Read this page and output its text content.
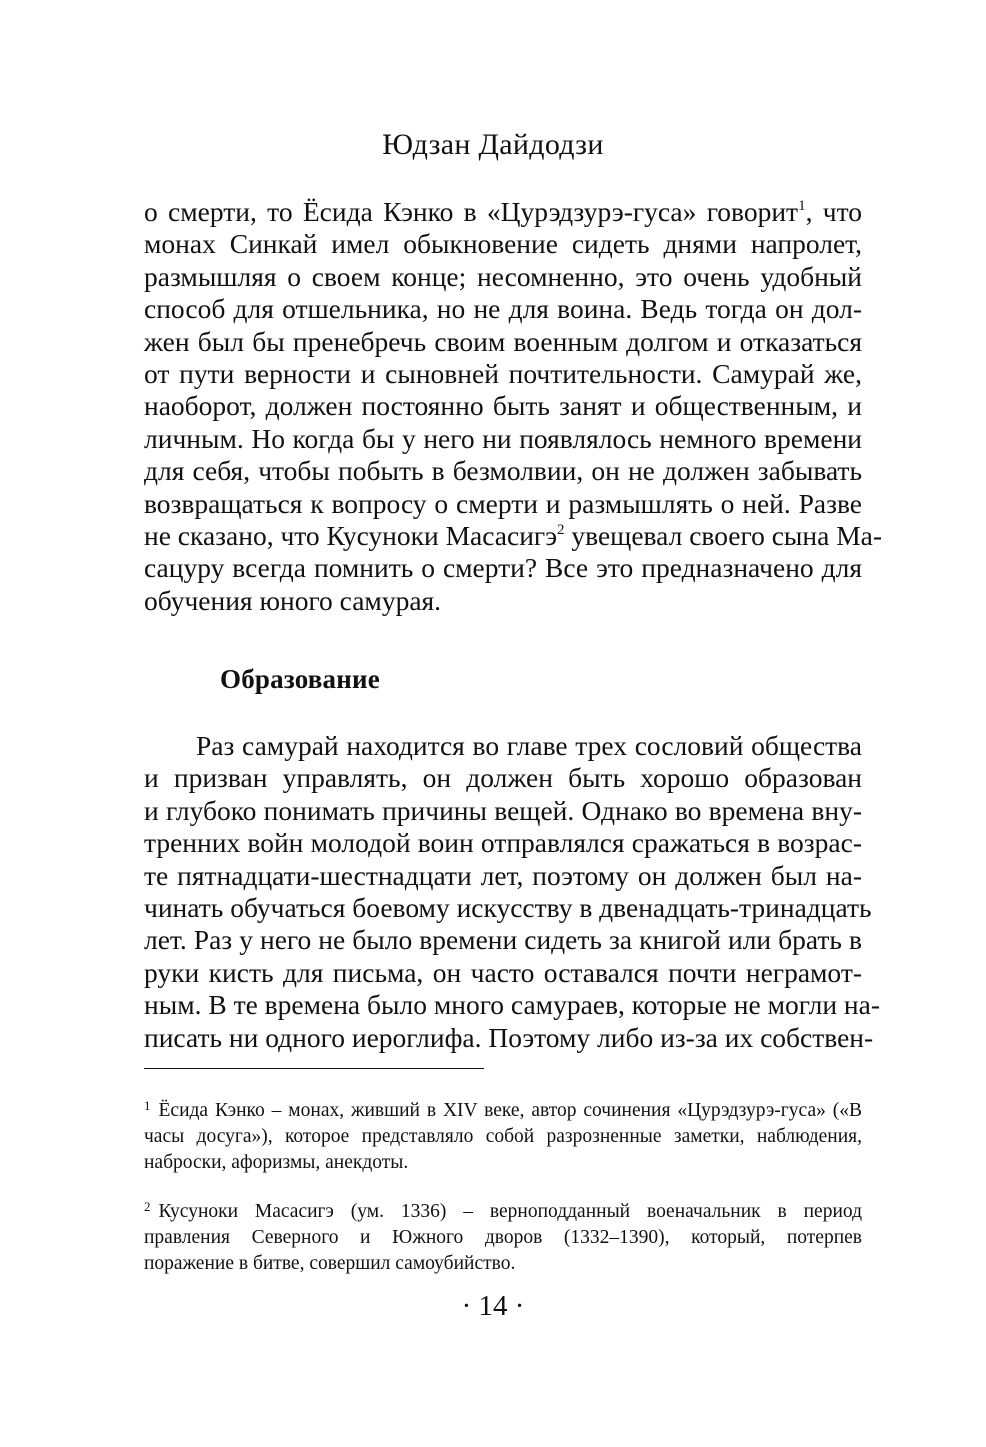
Юдзан Дайдодзи
о смерти, то Ёсида Кэнко в «Цурэдзурэ-гуса» говорит$^1$, что
монах Синкай имел обыкновение сидеть днями напролет,
размышляя о своем конце; несомненно, это очень удобный
способ для отшельника, но не для воина. Ведь тогда он дол-
жен был бы пренебречь своим военным долгом и отказаться
от пути верности и сыновней почтительности. Самурай же,
наоборот, должен постоянно быть занят и общественным, и
личным. Но когда бы у него ни появлялось немного времени
для себя, чтобы побыть в безмолвии, он не должен забывать
возвращаться к вопросу о смерти и размышлять о ней. Разве
не сказано, что Кусуноки Масасигэ$^2$ увещевал своего сына Ма-
сацуру всегда помнить о смерти? Все это предназначено для
обучения юного самурая.
Образование
Раз самурай находится во главе трех сословий общества
и призван управлять, он должен быть хорошо образован
и глубоко понимать причины вещей. Однако во времена вну-
тренних войн молодой воин отправлялся сражаться в возрас-
те пятнадцати-шестнадцати лет, поэтому он должен был на-
чинать обучаться боевому искусству в двенадцать-тринадцать
лет. Раз у него не было времени сидеть за книгой или брать в
руки кисть для письма, он часто оставался почти неграмот-
ным. В те времена было много самураев, которые не могли на-
писать ни одного иероглифа. Поэтому либо из-за их собствен-
$^1$ Ёсида Кэнко – монах, живший в XIV веке, автор сочинения «Цурэдзурэ-гуса» («В
часы досуга»), которое представляло собой разрозненные заметки, наблюдения,
наброски, афоризмы, анекдоты.
$^2$ Кусуноки Масасигэ (ум. 1336) – верноподданный военачальник в период
правления Северного и Южного дворов (1332–1390), который, потерпев
поражение в битве, совершил самоубийство.
· 14 ·
